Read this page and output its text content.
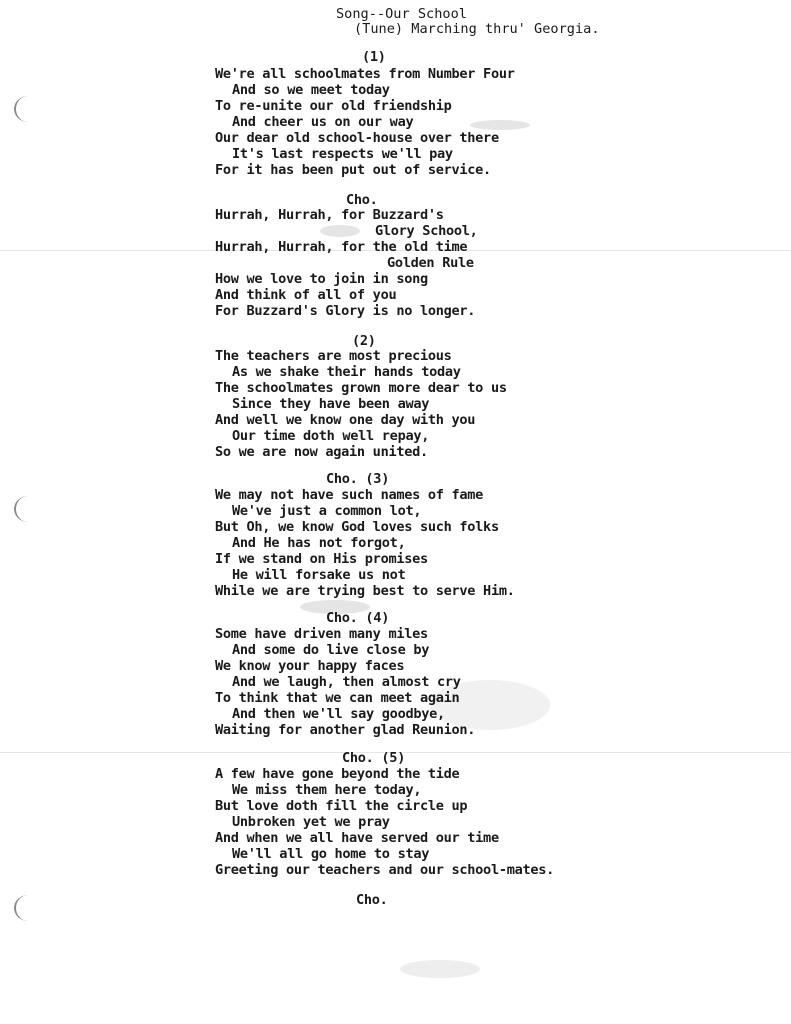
Song--Our School
(Tune) Marching thru' Georgia.
(1)
We're all schoolmates from Number Four
And so we meet today
To re-unite our old friendship
And cheer us on our way
Our dear old school-house over there
It's last respects we'll pay
For it has been put out of service.
Cho.
Hurrah, Hurrah, for Buzzard's
Glory School,
Hurrah, Hurrah, for the old time
Golden Rule
How we love to join in song
And think of all of you
For Buzzard's Glory is no longer.
(2)
The teachers are most precious
As we shake their hands today
The schoolmates grown more dear to us
Since they have been away
And well we know one day with you
Our time doth well repay,
So we are now again united.
Cho. (3)
We may not have such names of fame
We've just a common lot,
But Oh, we know God loves such folks
And He has not forgot,
If we stand on His promises
He will forsake us not
While we are trying best to serve Him.
Cho. (4)
Some have driven many miles
And some do live close by
We know your happy faces
And we laugh, then almost cry
To think that we can meet again
And then we'll say goodbye,
Waiting for another glad Reunion.
Cho. (5)
A few have gone beyond the tide
We miss them here today,
But love doth fill the circle up
Unbroken yet we pray
And when we all have served our time
We'll all go home to stay
Greeting our teachers and our school-mates.
Cho.
